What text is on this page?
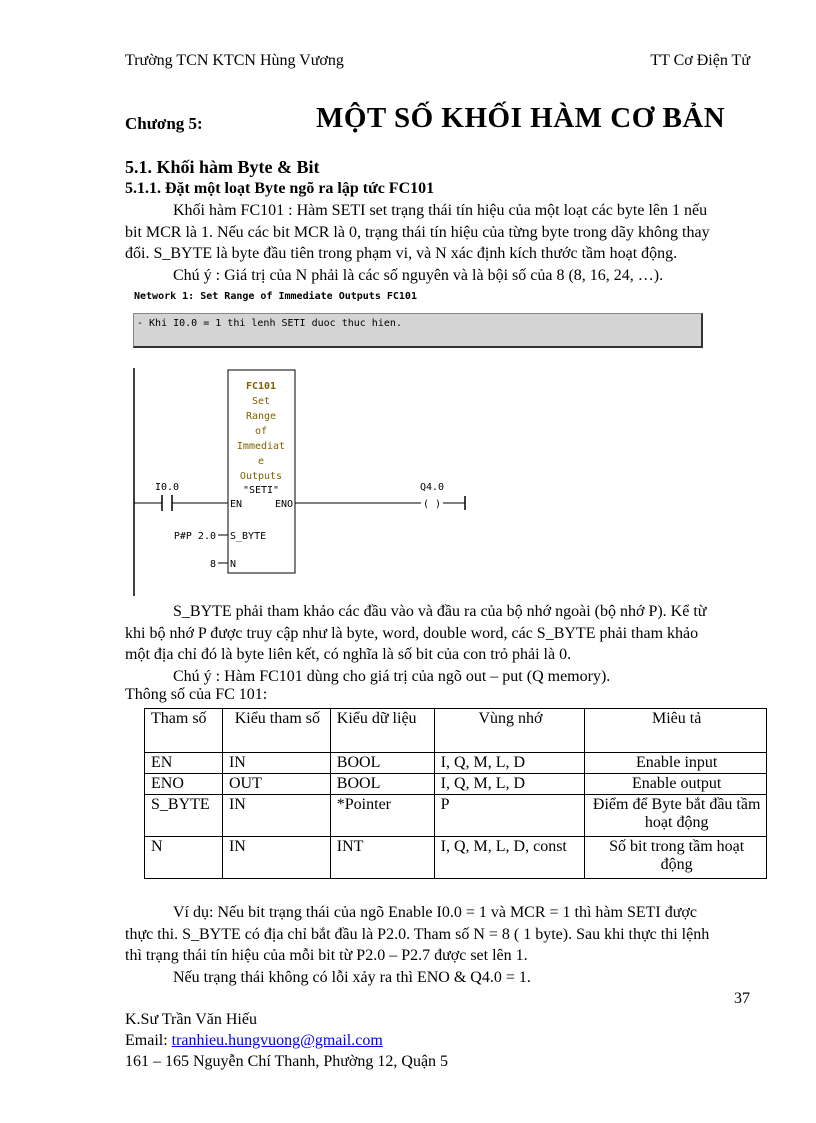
Trường TCN KTCN Hùng Vương	TT Cơ Điện Tử
Chương 5:	MỘT SỐ KHỐI HÀM CƠ BẢN
5.1. Khối hàm Byte & Bit
5.1.1. Đặt một loạt Byte ngõ ra lập tức FC101
Khối hàm FC101 : Hàm SETI set trạng thái tín hiệu của một loạt các byte lên 1 nếu
bit MCR là 1. Nếu các bit MCR là 0, trạng thái tín hiệu của từng byte trong dãy không thay
đổi. S_BYTE là byte đầu tiên trong phạm vi, và N xác định kích thước tầm hoạt động.
Chú ý : Giá trị của N phải là các số nguyên và là bội số của 8 (8, 16, 24, …).
Network 1: Set Range of Immediate Outputs FC101
- Khi I0.0 = 1 thi lenh SETI duoc thuc hien.
FC101
Set
Range
of
Immediat
e
Outputs
"SETI"
EN	ENO
S_BYTE
N
I0.0	Q4.0
( )
P#P 2.0
8
S_BYTE phải tham khảo các đầu vào và đầu ra của bộ nhớ ngoài (bộ nhớ P). Kể từ
khi bộ nhớ P được truy cập như là byte, word, double word, các S_BYTE phải tham khảo
một địa chỉ đó là byte liên kết, có nghĩa là số bit của con trỏ phải là 0.
Chú ý : Hàm FC101 dùng cho giá trị của ngõ out – put (Q memory).
Thông số của FC 101:
Tham số	Kiểu tham số	Kiểu dữ liệu	Vùng nhớ	Miêu tả
EN	IN	BOOL	I, Q, M, L, D	Enable input
ENO	OUT	BOOL	I, Q, M, L, D	Enable output
S_BYTE	IN	*Pointer	P	Điểm để Byte bắt đầu tầm hoạt động
N	IN	INT	I, Q, M, L, D, const	Số bit trong tầm hoạt động
Ví dụ: Nếu bit trạng thái của ngõ Enable I0.0 = 1 và MCR = 1 thì hàm SETI được
thực thi. S_BYTE có địa chỉ bắt đầu là P2.0. Tham số N = 8 ( 1 byte). Sau khi thực thi lệnh
thì trạng thái tín hiệu của mỗi bit từ P2.0 – P2.7 được set lên 1.
Nếu trạng thái không có lỗi xảy ra thì ENO & Q4.0 = 1.
37
K.Sư Trần Văn Hiếu
Email: tranhieu.hungvuong@gmail.com
161 – 165 Nguyễn Chí Thanh, Phường 12, Quận 5
